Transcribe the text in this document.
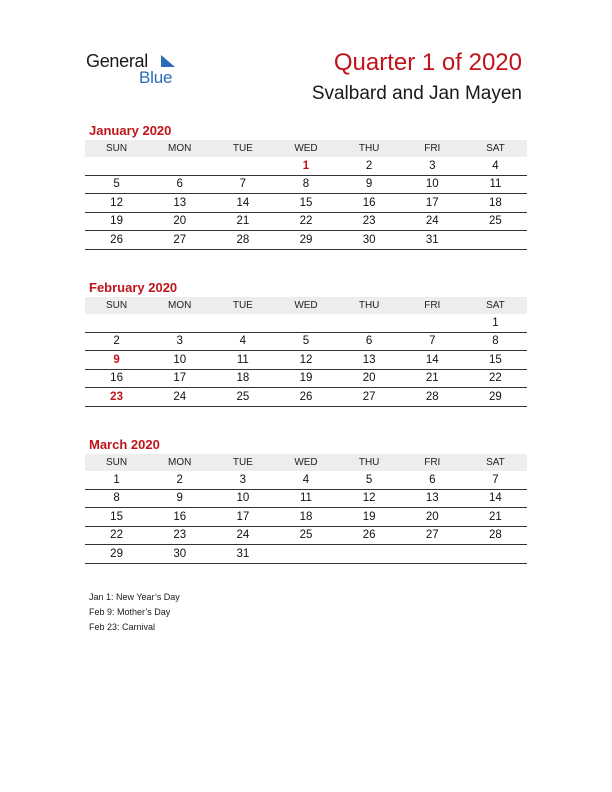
General
Blue
Quarter 1 of 2020
Svalbard and Jan Mayen
January 2020
SUN	MON	TUE	WED	THU	FRI	SAT
			1	2	3	4
5	6	7	8	9	10	11
12	13	14	15	16	17	18
19	20	21	22	23	24	25
26	27	28	29	30	31	
February 2020
SUN	MON	TUE	WED	THU	FRI	SAT
						1
2	3	4	5	6	7	8
9	10	11	12	13	14	15
16	17	18	19	20	21	22
23	24	25	26	27	28	29
March 2020
SUN	MON	TUE	WED	THU	FRI	SAT
1	2	3	4	5	6	7
8	9	10	11	12	13	14
15	16	17	18	19	20	21
22	23	24	25	26	27	28
29	30	31				
Jan 1: New Year’s Day
Feb 9: Mother’s Day
Feb 23: Carnival
